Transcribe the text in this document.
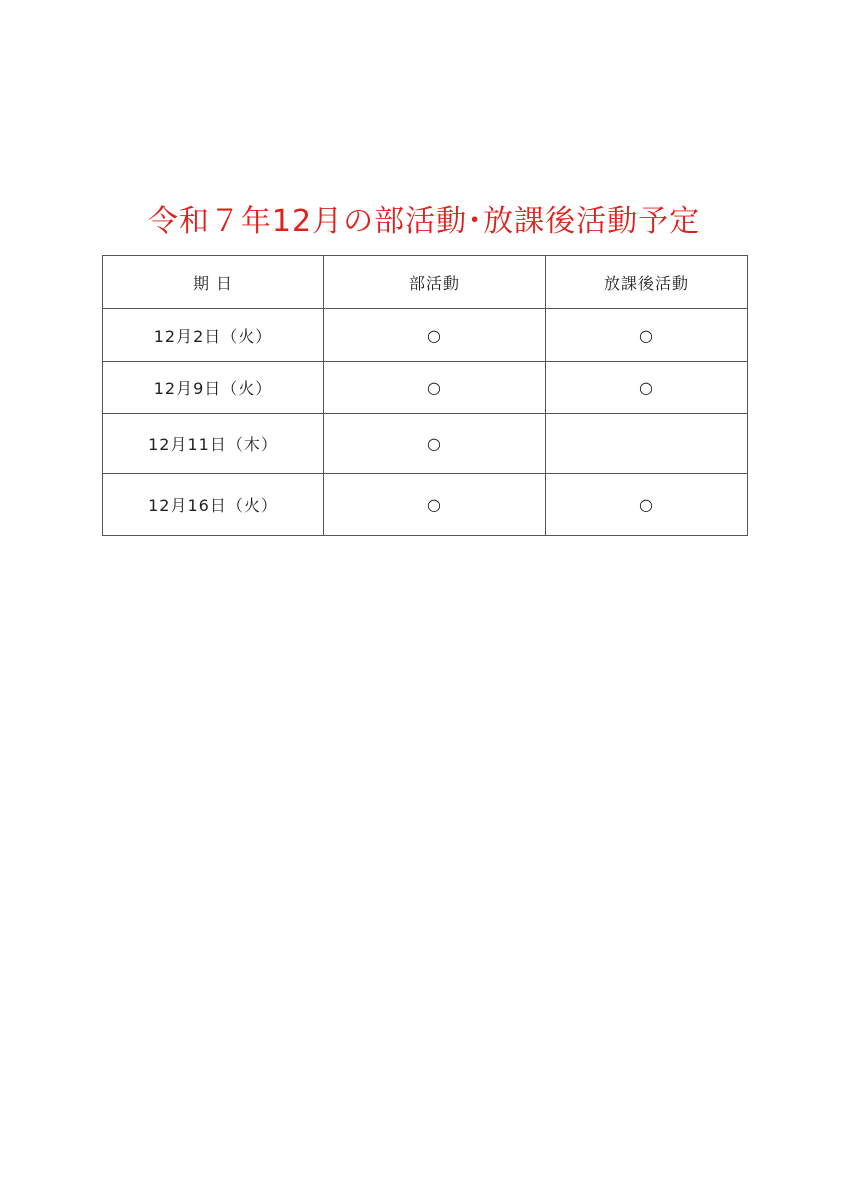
令和７年12月の部活動･放課後活動予定
期 日	部活動	放課後活動
12月2日（火）	○	○
12月9日（火）	○	○
12月11日（木）	○	
12月16日（火）	○	○
